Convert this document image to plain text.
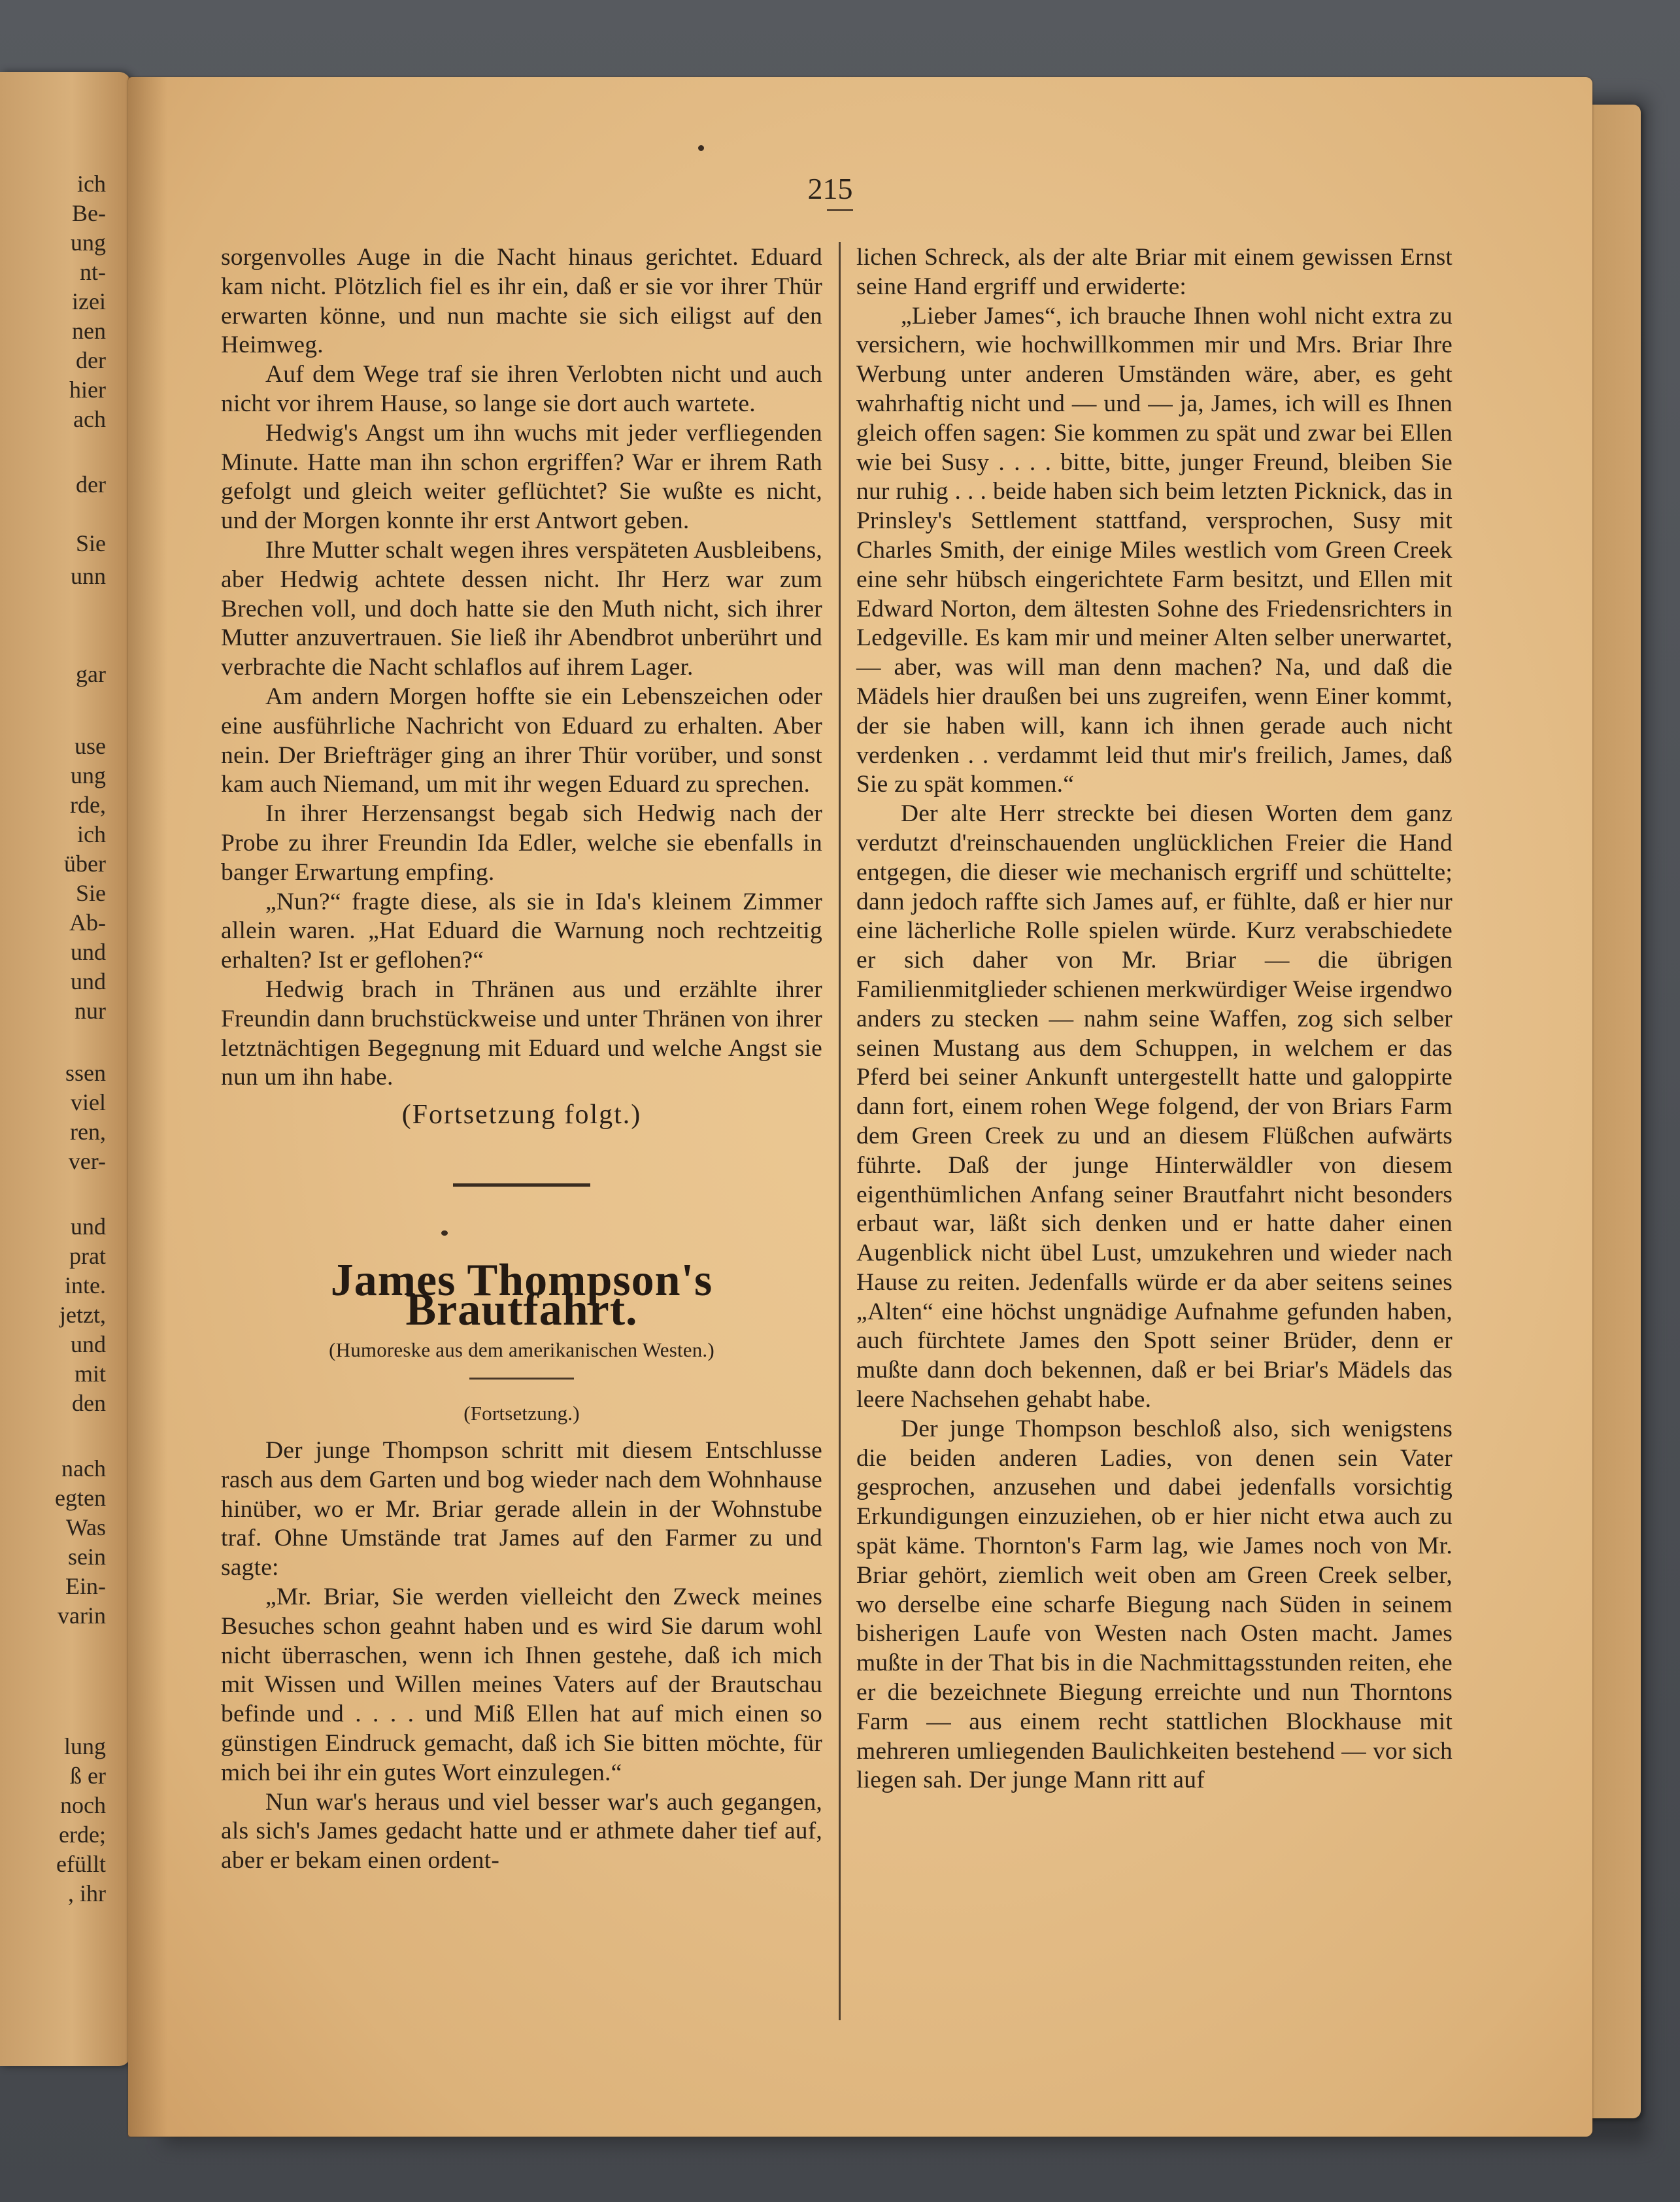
ich
Be-
ung
nt-
izei
nen
der
hier
ach
der
Sie
unn
gar
use
ung
rde,
ich
über
Sie
Ab-
und
und
nur
ssen
viel
ren,
ver-
und
prat
inte.
jetzt,
und
mit
den
nach
egten
Was
sein
Ein-
varin
lung
ß er
noch
erde;
efüllt
, ihr
215

sorgenvolles Auge in die Nacht hinaus gerichtet. Eduard kam nicht. Plötzlich fiel es ihr ein, daß er sie vor ihrer Thür erwarten könne, und nun machte sie sich eiligst auf den Heimweg.

Auf dem Wege traf sie ihren Verlobten nicht und auch nicht vor ihrem Hause, so lange sie dort auch wartete.

Hedwig's Angst um ihn wuchs mit jeder verfliegenden Minute. Hatte man ihn schon ergriffen? War er ihrem Rath gefolgt und gleich weiter geflüchtet? Sie wußte es nicht, und der Morgen konnte ihr erst Antwort geben.

Ihre Mutter schalt wegen ihres verspäteten Ausbleibens, aber Hedwig achtete dessen nicht. Ihr Herz war zum Brechen voll, und doch hatte sie den Muth nicht, sich ihrer Mutter anzuvertrauen. Sie ließ ihr Abendbrot unberührt und verbrachte die Nacht schlaflos auf ihrem Lager.

Am andern Morgen hoffte sie ein Lebenszeichen oder eine ausführliche Nachricht von Eduard zu erhalten. Aber nein. Der Briefträger ging an ihrer Thür vorüber, und sonst kam auch Niemand, um mit ihr wegen Eduard zu sprechen.

In ihrer Herzensangst begab sich Hedwig nach der Probe zu ihrer Freundin Ida Edler, welche sie ebenfalls in banger Erwartung empfing.

„Nun?“ fragte diese, als sie in Ida's kleinem Zimmer allein waren. „Hat Eduard die Warnung noch rechtzeitig erhalten? Ist er geflohen?“

Hedwig brach in Thränen aus und erzählte ihrer Freundin dann bruchstückweise und unter Thränen von ihrer letztnächtigen Begegnung mit Eduard und welche Angst sie nun um ihn habe.

(Fortsetzung folgt.)

James Thompson's Brautfahrt.

(Humoreske aus dem amerikanischen Westen.)

(Fortsetzung.)

Der junge Thompson schritt mit diesem Entschlusse rasch aus dem Garten und bog wieder nach dem Wohnhause hinüber, wo er Mr. Briar gerade allein in der Wohnstube traf. Ohne Umstände trat James auf den Farmer zu und sagte:

„Mr. Briar, Sie werden vielleicht den Zweck meines Besuches schon geahnt haben und es wird Sie darum wohl nicht überraschen, wenn ich Ihnen gestehe, daß ich mich mit Wissen und Willen meines Vaters auf der Brautschau befinde und . . . . und Miß Ellen hat auf mich einen so günstigen Eindruck gemacht, daß ich Sie bitten möchte, für mich bei ihr ein gutes Wort einzulegen.“

Nun war's heraus und viel besser war's auch gegangen, als sich's James gedacht hatte und er athmete daher tief auf, aber er bekam einen ordent-

lichen Schreck, als der alte Briar mit einem gewissen Ernst seine Hand ergriff und erwiderte:

„Lieber James“, ich brauche Ihnen wohl nicht extra zu versichern, wie hochwillkommen mir und Mrs. Briar Ihre Werbung unter anderen Umständen wäre, aber, es geht wahrhaftig nicht und — und — ja, James, ich will es Ihnen gleich offen sagen: Sie kommen zu spät und zwar bei Ellen wie bei Susy . . . . bitte, bitte, junger Freund, bleiben Sie nur ruhig . . . beide haben sich beim letzten Picknick, das in Prinsley's Settlement stattfand, versprochen, Susy mit Charles Smith, der einige Miles westlich vom Green Creek eine sehr hübsch eingerichtete Farm besitzt, und Ellen mit Edward Norton, dem ältesten Sohne des Friedensrichters in Ledgeville. Es kam mir und meiner Alten selber unerwartet, — aber, was will man denn machen? Na, und daß die Mädels hier draußen bei uns zugreifen, wenn Einer kommt, der sie haben will, kann ich ihnen gerade auch nicht verdenken . . verdammt leid thut mir's freilich, James, daß Sie zu spät kommen.“

Der alte Herr streckte bei diesen Worten dem ganz verdutzt d'reinschauenden unglücklichen Freier die Hand entgegen, die dieser wie mechanisch ergriff und schüttelte; dann jedoch raffte sich James auf, er fühlte, daß er hier nur eine lächerliche Rolle spielen würde. Kurz verabschiedete er sich daher von Mr. Briar — die übrigen Familienmitglieder schienen merkwürdiger Weise irgendwo anders zu stecken — nahm seine Waffen, zog sich selber seinen Mustang aus dem Schuppen, in welchem er das Pferd bei seiner Ankunft untergestellt hatte und galoppirte dann fort, einem rohen Wege folgend, der von Briars Farm dem Green Creek zu und an diesem Flüßchen aufwärts führte. Daß der junge Hinterwäldler von diesem eigenthümlichen Anfang seiner Brautfahrt nicht besonders erbaut war, läßt sich denken und er hatte daher einen Augenblick nicht übel Lust, umzukehren und wieder nach Hause zu reiten. Jedenfalls würde er da aber seitens seines „Alten“ eine höchst ungnädige Aufnahme gefunden haben, auch fürchtete James den Spott seiner Brüder, denn er mußte dann doch bekennen, daß er bei Briar's Mädels das leere Nachsehen gehabt habe.

Der junge Thompson beschloß also, sich wenigstens die beiden anderen Ladies, von denen sein Vater gesprochen, anzusehen und dabei jedenfalls vorsichtig Erkundigungen einzuziehen, ob er hier nicht etwa auch zu spät käme. Thornton's Farm lag, wie James noch von Mr. Briar gehört, ziemlich weit oben am Green Creek selber, wo derselbe eine scharfe Biegung nach Süden in seinem bisherigen Laufe von Westen nach Osten macht. James mußte in der That bis in die Nachmittagsstunden reiten, ehe er die bezeichnete Biegung erreichte und nun Thorntons Farm — aus einem recht stattlichen Blockhause mit mehreren umliegenden Baulichkeiten bestehend — vor sich liegen sah. Der junge Mann ritt auf
